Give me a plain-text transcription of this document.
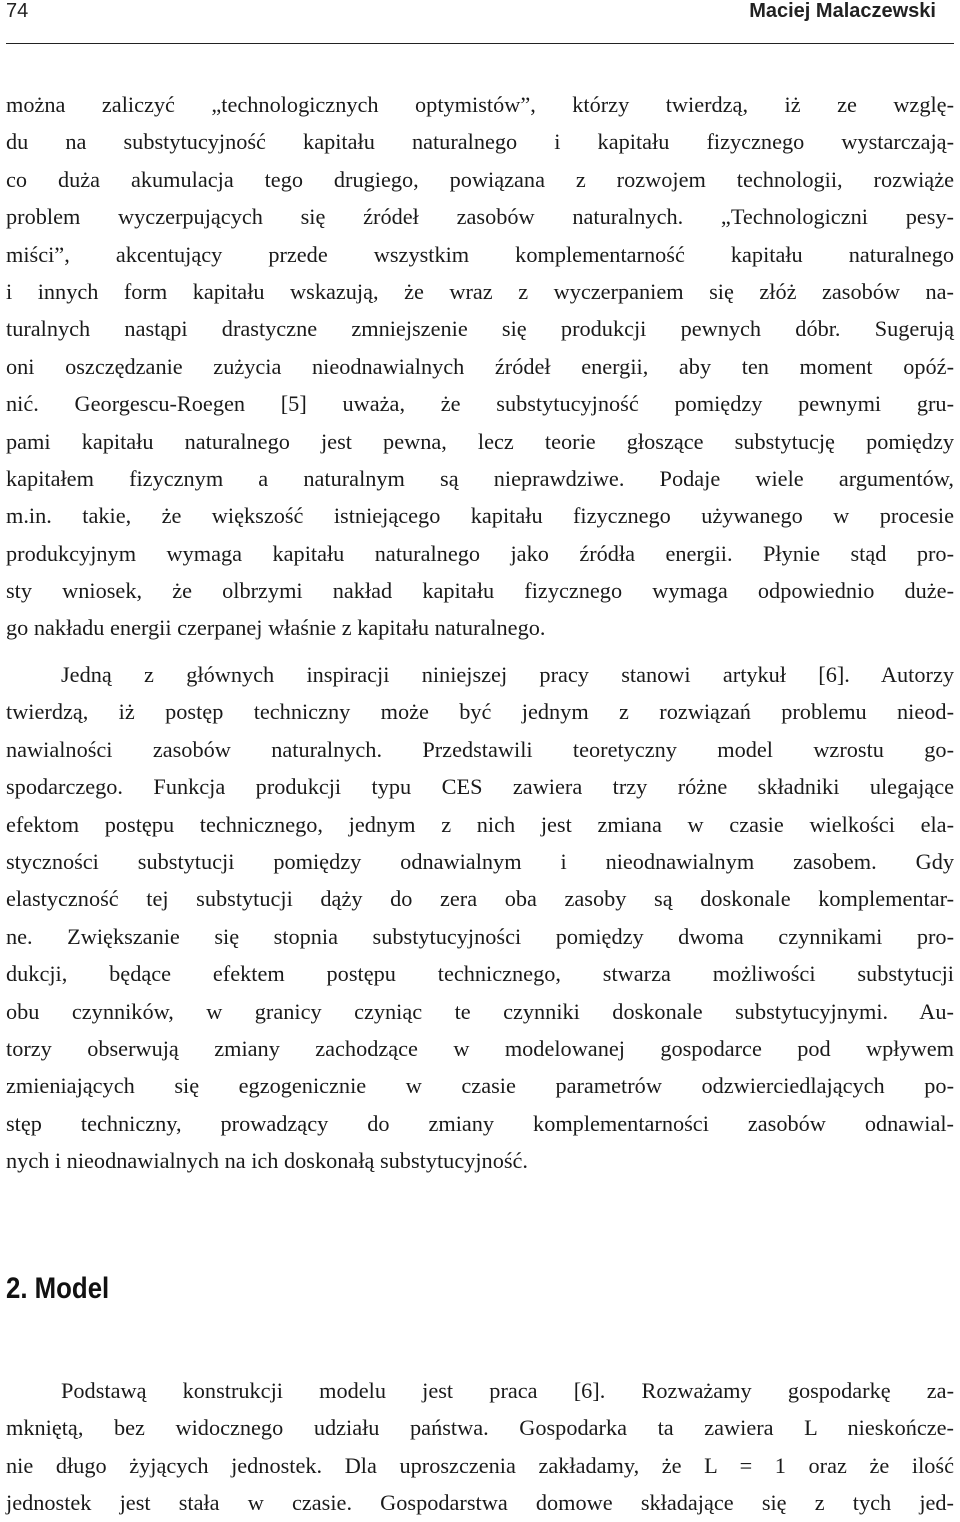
74	Maciej Malaczewski
można zaliczyć „technologicznych optymistów”, którzy twierdzą, iż ze wzglę-
du na substytucyjność kapitału naturalnego i kapitału fizycznego wystarczają-
co duża akumulacja tego drugiego, powiązana z rozwojem technologii, rozwiąże
problem wyczerpujących się źródeł zasobów naturalnych. „Technologiczni pesy-
miści”, akcentujący przede wszystkim komplementarność kapitału naturalnego
i innych form kapitału wskazują, że wraz z wyczerpaniem się złóż zasobów na-
turalnych nastąpi drastyczne zmniejszenie się produkcji pewnych dóbr. Sugerują
oni oszczędzanie zużycia nieodnawialnych źródeł energii, aby ten moment opóź-
nić. Georgescu-Roegen [5] uważa, że substytucyjność pomiędzy pewnymi gru-
pami kapitału naturalnego jest pewna, lecz teorie głoszące substytucję pomiędzy
kapitałem fizycznym a naturalnym są nieprawdziwe. Podaje wiele argumentów,
m.in. takie, że większość istniejącego kapitału fizycznego używanego w procesie
produkcyjnym wymaga kapitału naturalnego jako źródła energii. Płynie stąd pro-
sty wniosek, że olbrzymi nakład kapitału fizycznego wymaga odpowiednio duże-
go nakładu energii czerpanej właśnie z kapitału naturalnego.
Jedną z głównych inspiracji niniejszej pracy stanowi artykuł [6]. Autorzy
twierdzą, iż postęp techniczny może być jednym z rozwiązań problemu nieod-
nawialności zasobów naturalnych. Przedstawili teoretyczny model wzrostu go-
spodarczego. Funkcja produkcji typu CES zawiera trzy różne składniki ulegające
efektom postępu technicznego, jednym z nich jest zmiana w czasie wielkości ela-
styczności substytucji pomiędzy odnawialnym i nieodnawialnym zasobem. Gdy
elastyczność tej substytucji dąży do zera oba zasoby są doskonale komplementar-
ne. Zwiększanie się stopnia substytucyjności pomiędzy dwoma czynnikami pro-
dukcji, będące efektem postępu technicznego, stwarza możliwości substytucji
obu czynników, w granicy czyniąc te czynniki doskonale substytucyjnymi. Au-
torzy obserwują zmiany zachodzące w modelowanej gospodarce pod wpływem
zmieniających się egzogenicznie w czasie parametrów odzwierciedlających po-
stęp techniczny, prowadzący do zmiany komplementarności zasobów odnawial-
nych i nieodnawialnych na ich doskonałą substytucyjność.
2. Model
Podstawą konstrukcji modelu jest praca [6]. Rozważamy gospodarkę za-
mkniętą, bez widocznego udziału państwa. Gospodarka ta zawiera L nieskończe-
nie długo żyjących jednostek. Dla uproszczenia zakładamy, że L = 1 oraz że ilość
jednostek jest stała w czasie. Gospodarstwa domowe składające się z tych jed-
